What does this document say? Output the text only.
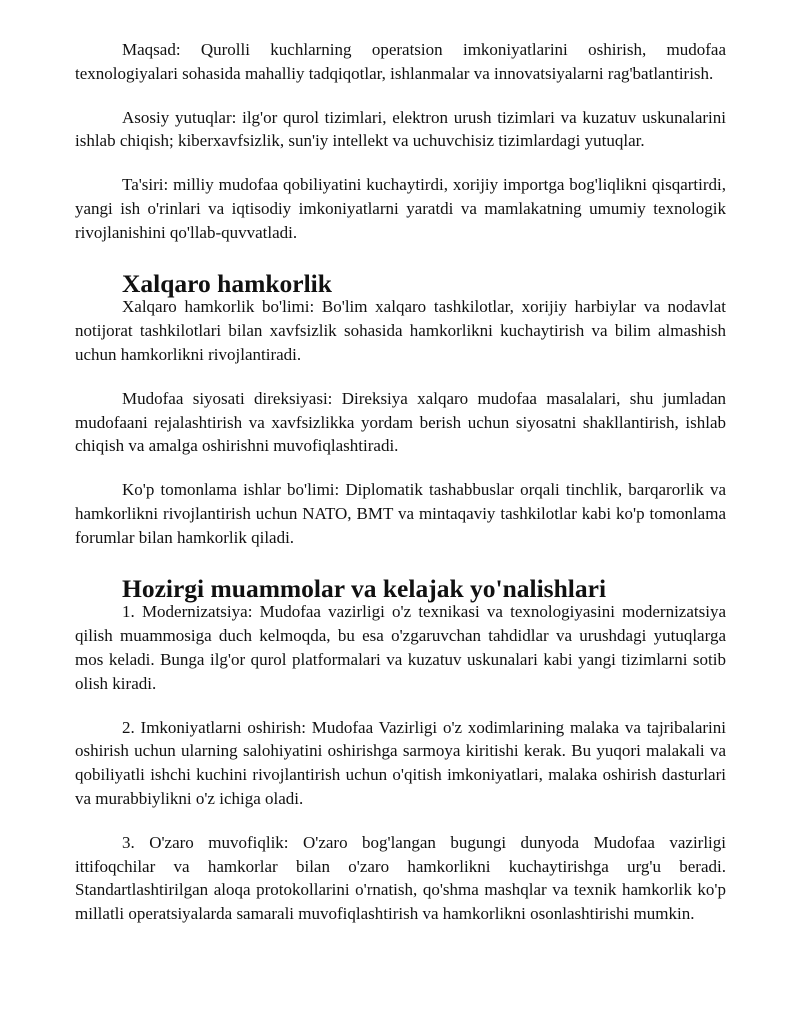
Maqsad: Qurolli kuchlarning operatsion imkoniyatlarini oshirish, mudofaa texnologiyalari sohasida mahalliy tadqiqotlar, ishlanmalar va innovatsiyalarni rag'batlantirish.

Asosiy yutuqlar: ilg'or qurol tizimlari, elektron urush tizimlari va kuzatuv uskunalarini ishlab chiqish; kiberxavfsizlik, sun'iy intellekt va uchuvchisiz tizimlardagi yutuqlar.

Ta'siri: milliy mudofaa qobiliyatini kuchaytirdi, xorijiy importga bog'liqlikni qisqartirdi, yangi ish o'rinlari va iqtisodiy imkoniyatlarni yaratdi va mamlakatning umumiy texnologik rivojlanishini qo'llab-quvvatladi.

Xalqaro hamkorlik

Xalqaro hamkorlik bo'limi: Bo'lim xalqaro tashkilotlar, xorijiy harbiylar va nodavlat notijorat tashkilotlari bilan xavfsizlik sohasida hamkorlikni kuchaytirish va bilim almashish uchun hamkorlikni rivojlantiradi.

Mudofaa siyosati direksiyasi: Direksiya xalqaro mudofaa masalalari, shu jumladan mudofaani rejalashtirish va xavfsizlikka yordam berish uchun siyosatni shakllantirish, ishlab chiqish va amalga oshirishni muvofiqlashtiradi.

Ko'p tomonlama ishlar bo'limi: Diplomatik tashabbuslar orqali tinchlik, barqarorlik va hamkorlikni rivojlantirish uchun NATO, BMT va mintaqaviy tashkilotlar kabi ko'p tomonlama forumlar bilan hamkorlik qiladi.

Hozirgi muammolar va kelajak yo'nalishlari

1. Modernizatsiya: Mudofaa vazirligi o'z texnikasi va texnologiyasini modernizatsiya qilish muammosiga duch kelmoqda, bu esa o'zgaruvchan tahdidlar va urushdagi yutuqlarga mos keladi. Bunga ilg'or qurol platformalari va kuzatuv uskunalari kabi yangi tizimlarni sotib olish kiradi.

2. Imkoniyatlarni oshirish: Mudofaa Vazirligi o'z xodimlarining malaka va tajribalarini oshirish uchun ularning salohiyatini oshirishga sarmoya kiritishi kerak. Bu yuqori malakali va qobiliyatli ishchi kuchini rivojlantirish uchun o'qitish imkoniyatlari, malaka oshirish dasturlari va murabbiylikni o'z ichiga oladi.

3. O'zaro muvofiqlik: O'zaro bog'langan bugungi dunyoda Mudofaa vazirligi ittifoqchilar va hamkorlar bilan o'zaro hamkorlikni kuchaytirishga urg'u beradi. Standartlashtirilgan aloqa protokollarini o'rnatish, qo'shma mashqlar va texnik hamkorlik ko'p millatli operatsiyalarda samarali muvofiqlashtirish va hamkorlikni osonlashtirishi mumkin.
